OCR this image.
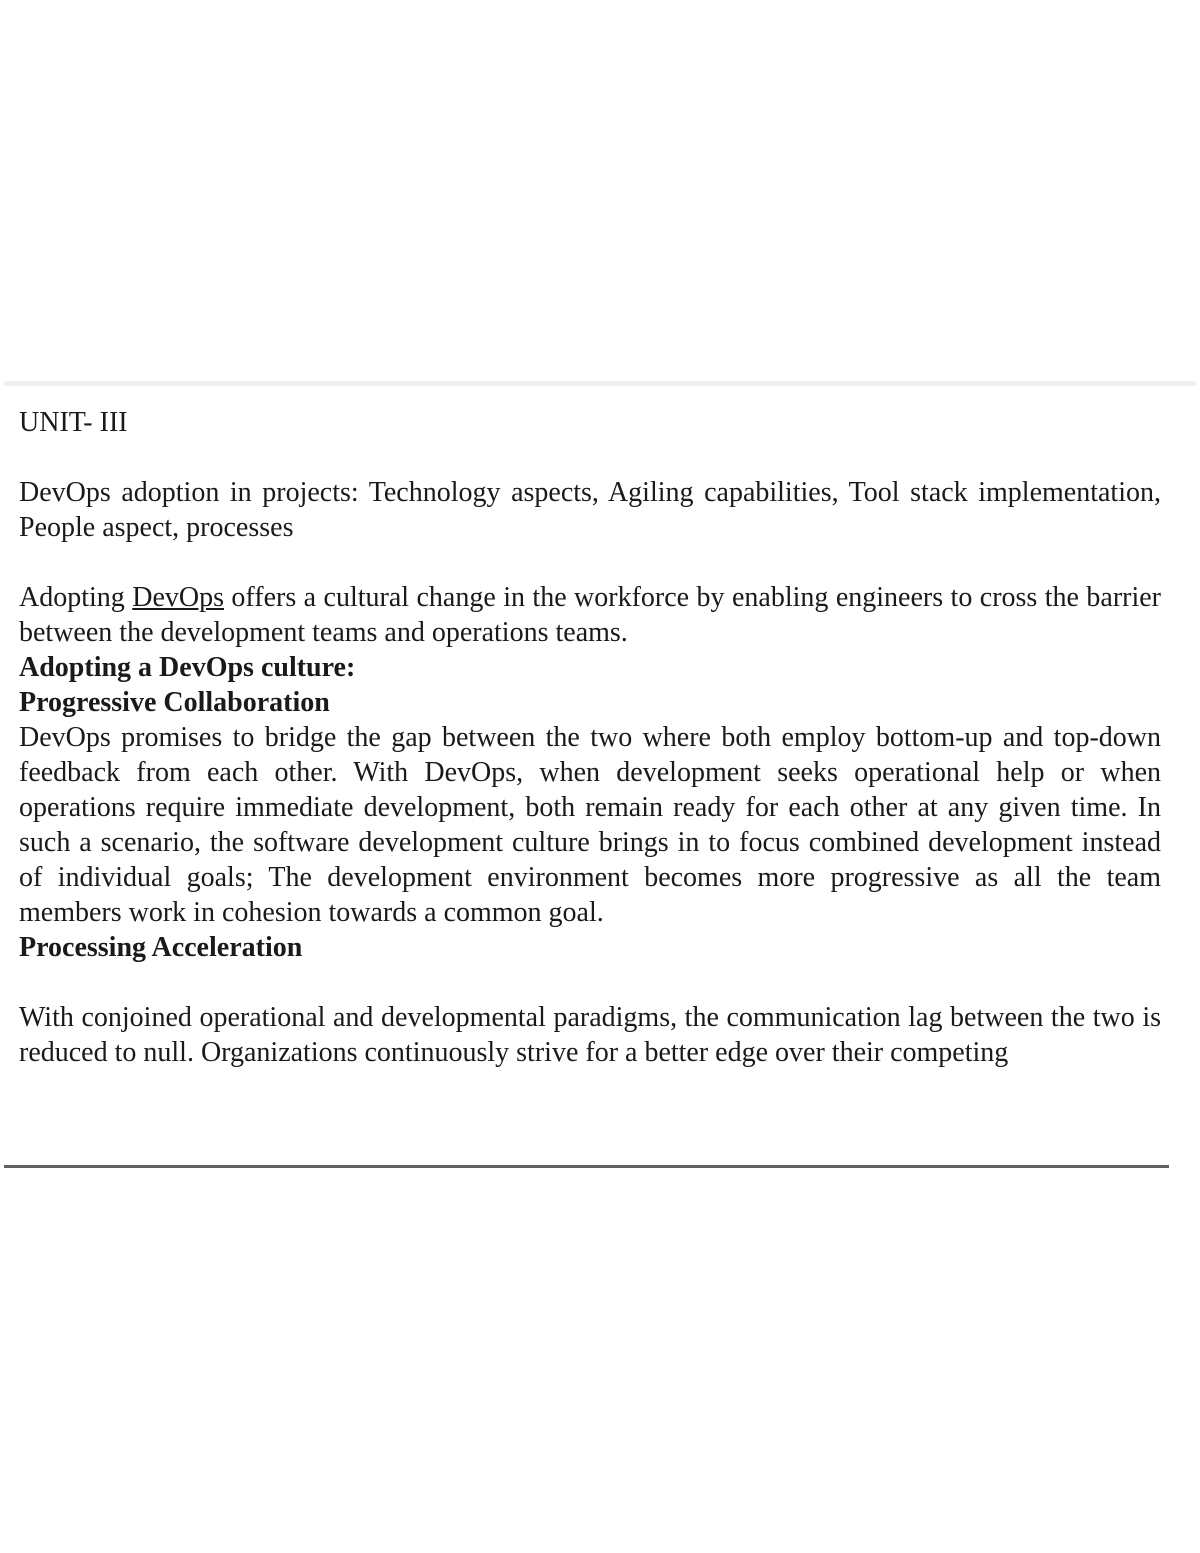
UNIT- III

DevOps adoption in projects: Technology aspects, Agiling capabilities, Tool stack implementation, People aspect, processes

Adopting DevOps offers a cultural change in the workforce by enabling engineers to cross the barrier between the development teams and operations teams.

Adopting a DevOps culture:

Progressive Collaboration

DevOps promises to bridge the gap between the two where both employ bottom-up and top-down feedback from each other. With DevOps, when development seeks operational help or when operations require immediate development, both remain ready for each other at any given time. In such a scenario, the software development culture brings in to focus combined development instead of individual goals; The development environment becomes more progressive as all the team members work in cohesion towards a common goal.

Processing Acceleration

With conjoined operational and developmental paradigms, the communication lag between the two is reduced to null. Organizations continuously strive for a better edge over their competing
